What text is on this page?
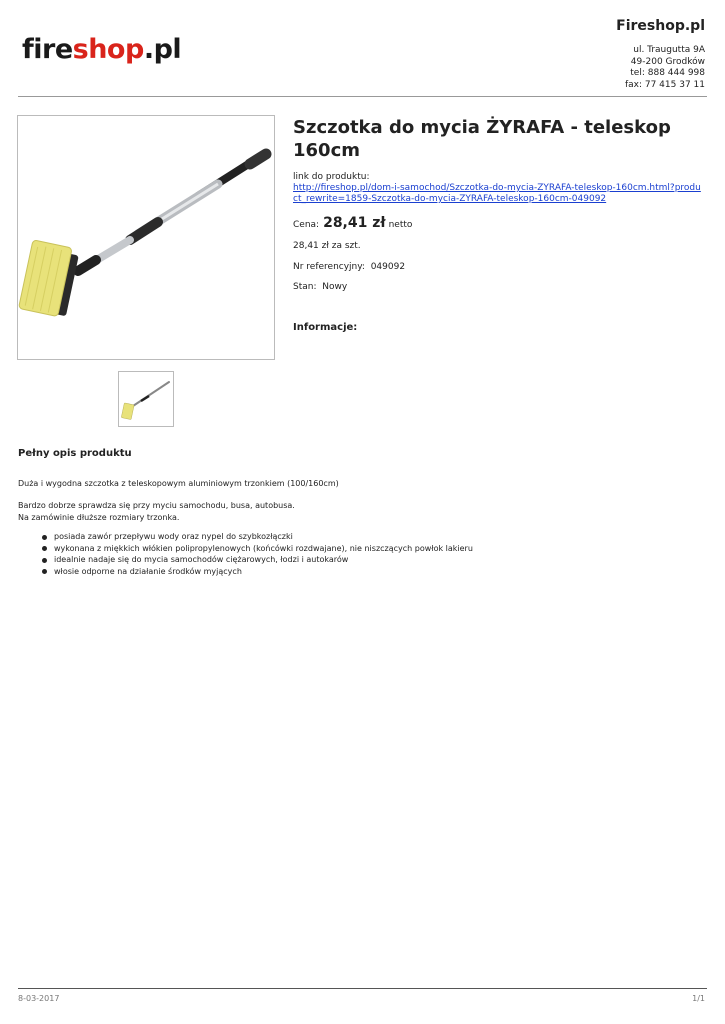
fireshop.pl
Fireshop.pl
ul. Traugutta 9A
49-200 Grodków
tel: 888 444 998
fax: 77 415 37 11
Szczotka do mycia ŻYRAFA - teleskop 160cm
link do produktu:
http://fireshop.pl/dom-i-samochod/Szczotka-do-mycia-ZYRAFA-teleskop-160cm.html?product_rewrite=1859-Szczotka-do-mycia-ZYRAFA-teleskop-160cm-049092
Cena: 28,41 zł netto
28,41 zł za szt.
Nr referencyjny: 049092
Stan: Nowy
Informacje:
Pełny opis produktu
Duża i wygodna szczotka z teleskopowym aluminiowym trzonkiem (100/160cm)
Bardzo dobrze sprawdza się przy myciu samochodu, busa, autobusa.
Na zamówinie dłuższe rozmiary trzonka.
posiada zawór przepływu wody oraz nypel do szybkozłączki
wykonana z miękkich włókien polipropylenowych (końcówki rozdwajane), nie niszczących powłok lakieru
idealnie nadaje się do mycia samochodów ciężarowych, łodzi i autokarów
włosie odporne na działanie środków myjących
8-03-2017	1/1
